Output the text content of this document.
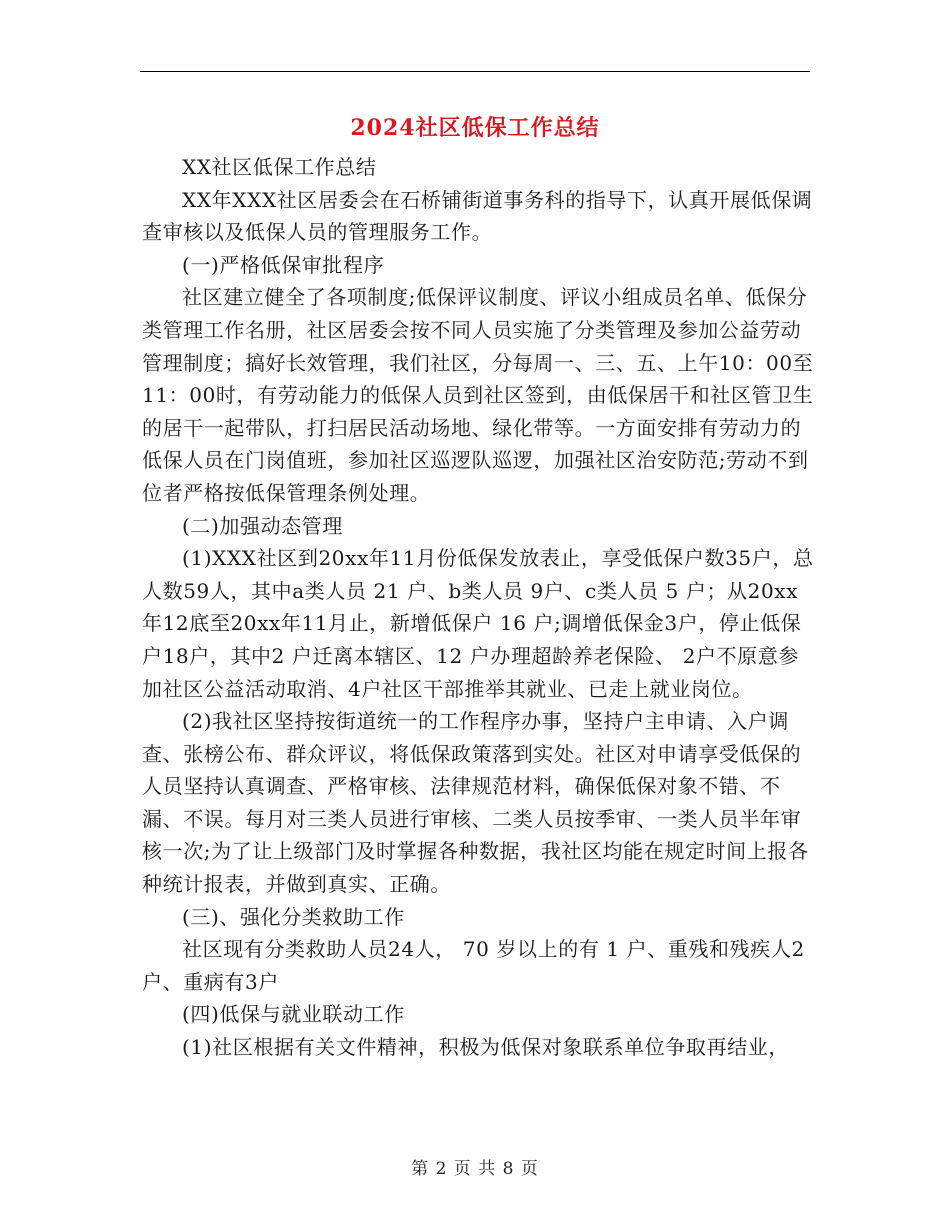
2024社区低保工作总结

XX社区低保工作总结

XX年XXX社区居委会在石桥铺街道事务科的指导下，认真开展低保调查审核以及低保人员的管理服务工作。

(一)严格低保审批程序

社区建立健全了各项制度;低保评议制度、评议小组成员名单、低保分类管理工作名册，社区居委会按不同人员实施了分类管理及参加公益劳动管理制度；搞好长效管理，我们社区，分每周一、三、五、上午10：00至11：00时，有劳动能力的低保人员到社区签到，由低保居干和社区管卫生的居干一起带队，打扫居民活动场地、绿化带等。一方面安排有劳动力的低保人员在门岗值班，参加社区巡逻队巡逻，加强社区治安防范;劳动不到位者严格按低保管理条例处理。

(二)加强动态管理

(1)XXX社区到20xx年11月份低保发放表止，享受低保户数35户，总人数59人，其中a类人员 21 户、b类人员 9户、c类人员 5 户；从20xx年12底至20xx年11月止，新增低保户 16 户;调增低保金3户，停止低保户18户，其中2 户迁离本辖区、12 户办理超龄养老保险、 2户不原意参加社区公益活动取消、4户社区干部推举其就业、已走上就业岗位。

(2)我社区坚持按街道统一的工作程序办事，坚持户主申请、入户调查、张榜公布、群众评议，将低保政策落到实处。社区对申请享受低保的人员坚持认真调查、严格审核、法律规范材料，确保低保对象不错、不漏、不误。每月对三类人员进行审核、二类人员按季审、一类人员半年审核一次;为了让上级部门及时掌握各种数据，我社区均能在规定时间上报各种统计报表，并做到真实、正确。

(三)、强化分类救助工作

社区现有分类救助人员24人， 70 岁以上的有 1 户、重残和残疾人2户、重病有3户

(四)低保与就业联动工作

(1)社区根据有关文件精神，积极为低保对象联系单位争取再结业，

第 2 页 共 8 页
